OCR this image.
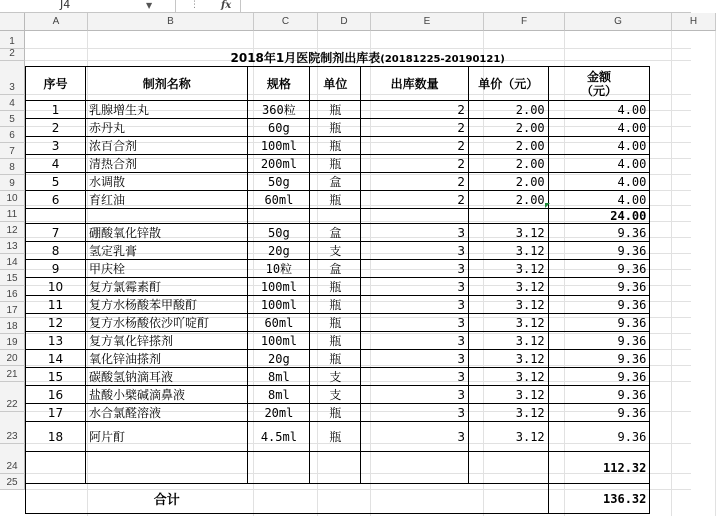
J4	▼	⋮ fx
A	B	C	D	E	F	G	H
1
2
3
4
5
6
7
8
9
10
11
12
13
14
15
16
17
18
19
20
21
22
23
24
25

	2018年1月医院制剂出库表(20181225-20190121)						
序号	制剂名称	规格	单位	出库数量	单价（元）	金额
（元）	
1	乳腺增生丸	360粒	瓶	2	2.00	4.00	
2	赤丹丸	60g	瓶	2	2.00	4.00	
3	浓百合剂	100ml	瓶	2	2.00	4.00	
4	清热合剂	200ml	瓶	2	2.00	4.00	
5	水调散	50g	盒	2	2.00	4.00	
6	育红油	60ml	瓶	2	2.00	4.00	
						24.00	
7	硼酸氧化锌散	50g	盒	3	3.12	9.36	
8	氢定乳膏	20g	支	3	3.12	9.36	
9	甲庆栓	10粒	盒	3	3.12	9.36	
10	复方氯霉素酊	100ml	瓶	3	3.12	9.36	
11	复方水杨酸苯甲酸酊	100ml	瓶	3	3.12	9.36	
12	复方水杨酸依沙吖啶酊	60ml	瓶	3	3.12	9.36	
13	复方氧化锌搽剂	100ml	瓶	3	3.12	9.36	
14	氧化锌油搽剂	20g	瓶	3	3.12	9.36	
15	碳酸氢钠滴耳液	8ml	支	3	3.12	9.36	
16	盐酸小檗碱滴鼻液	8ml	支	3	3.12	9.36	
17	水合氯醛溶液	20ml	瓶	3	3.12	9.36	
18	阿片酊	4.5ml	瓶	3	3.12	9.36	
						112.32	
	合计					136.32	
